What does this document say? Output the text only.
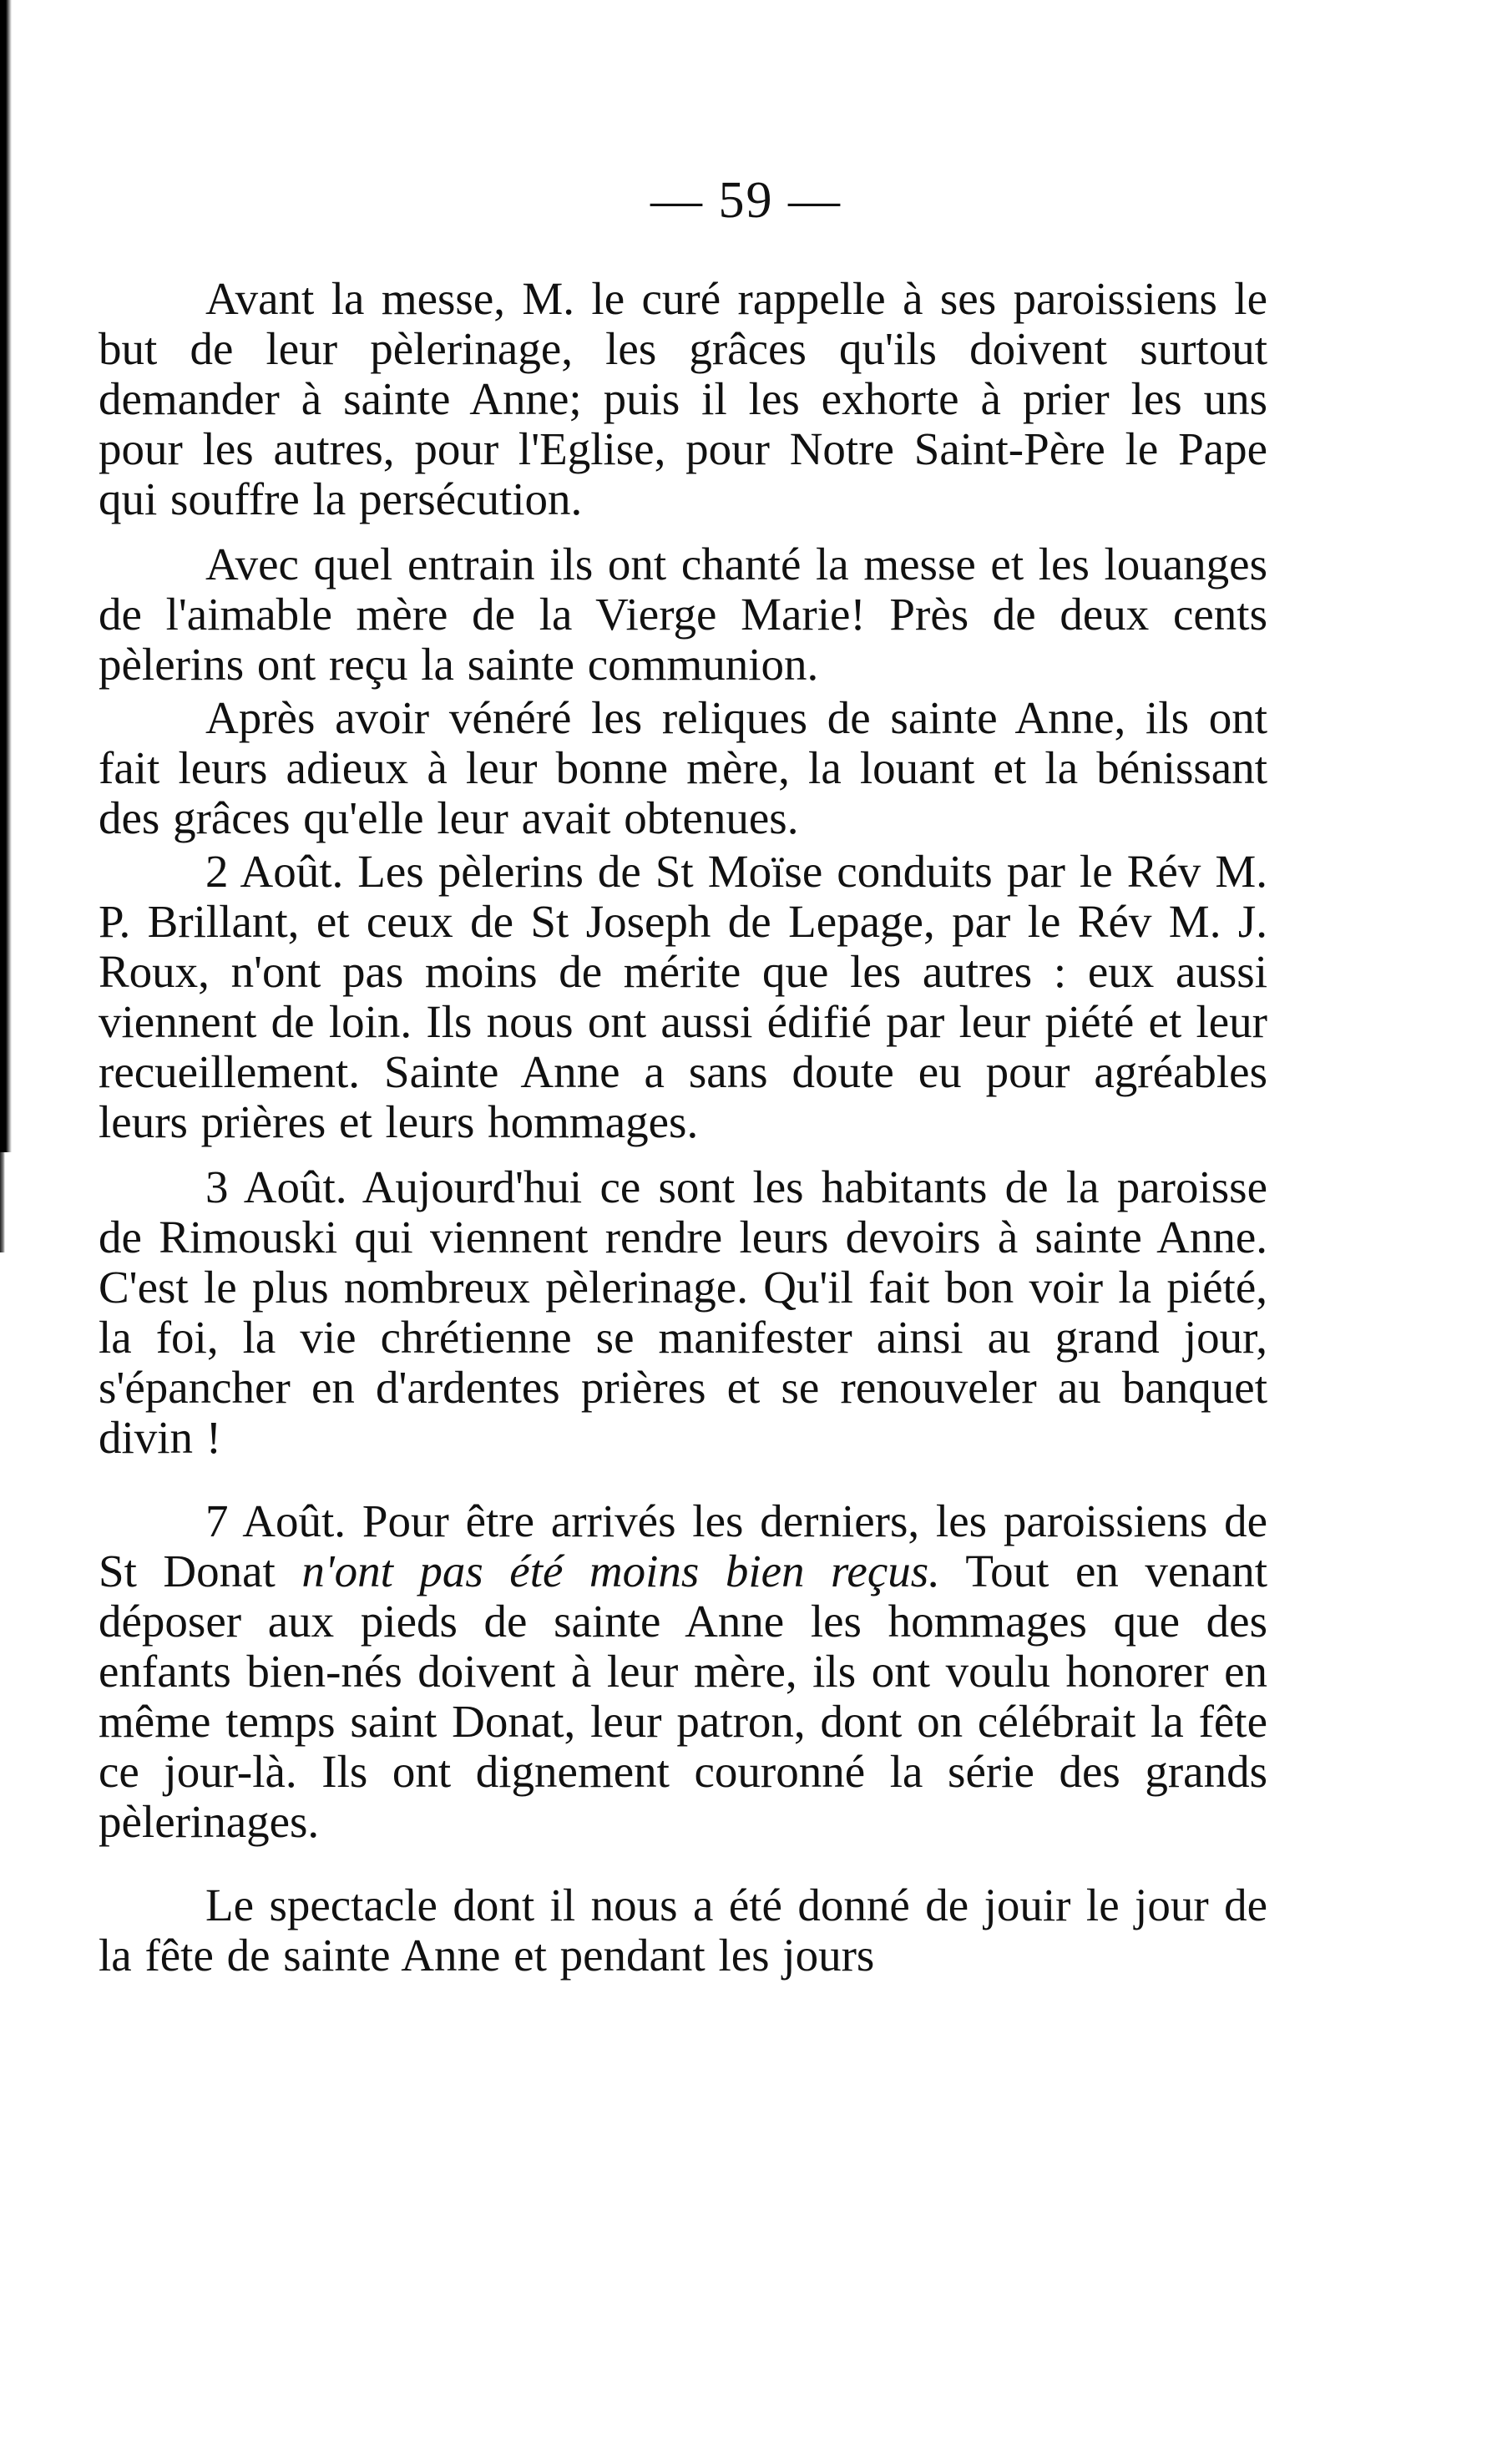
— 59 —

Avant la messe, M. le curé rappelle à ses paroissiens le but de leur pèlerinage, les grâces qu'ils doivent surtout demander à sainte Anne; puis il les exhorte à prier les uns pour les autres, pour l'Eglise, pour Notre Saint-Père le Pape qui souffre la persécution.

Avec quel entrain ils ont chanté la messe et les louanges de l'aimable mère de la Vierge Marie! Près de deux cents pèlerins ont reçu la sainte communion.

Après avoir vénéré les reliques de sainte Anne, ils ont fait leurs adieux à leur bonne mère, la louant et la bénissant des grâces qu'elle leur avait obtenues.

2 Août. Les pèlerins de St Moïse conduits par le Rév M. P. Brillant, et ceux de St Joseph de Lepage, par le Rév M. J. Roux, n'ont pas moins de mérite que les autres : eux aussi viennent de loin. Ils nous ont aussi édifié par leur piété et leur recueillement. Sainte Anne a sans doute eu pour agréables leurs prières et leurs hommages.

3 Août. Aujourd'hui ce sont les habitants de la paroisse de Rimouski qui viennent rendre leurs devoirs à sainte Anne. C'est le plus nombreux pèlerinage. Qu'il fait bon voir la piété, la foi, la vie chrétienne se manifester ainsi au grand jour, s'épancher en d'ardentes prières et se renouveler au banquet divin !

7 Août. Pour être arrivés les derniers, les paroissiens de St Donat n'ont pas été moins bien reçus. Tout en venant déposer aux pieds de sainte Anne les hommages que des enfants bien-nés doivent à leur mère, ils ont voulu honorer en même temps saint Donat, leur patron, dont on célébrait la fête ce jour-là. Ils ont dignement couronné la série des grands pèlerinages.

Le spectacle dont il nous a été donné de jouir le jour de la fête de sainte Anne et pendant les jours
